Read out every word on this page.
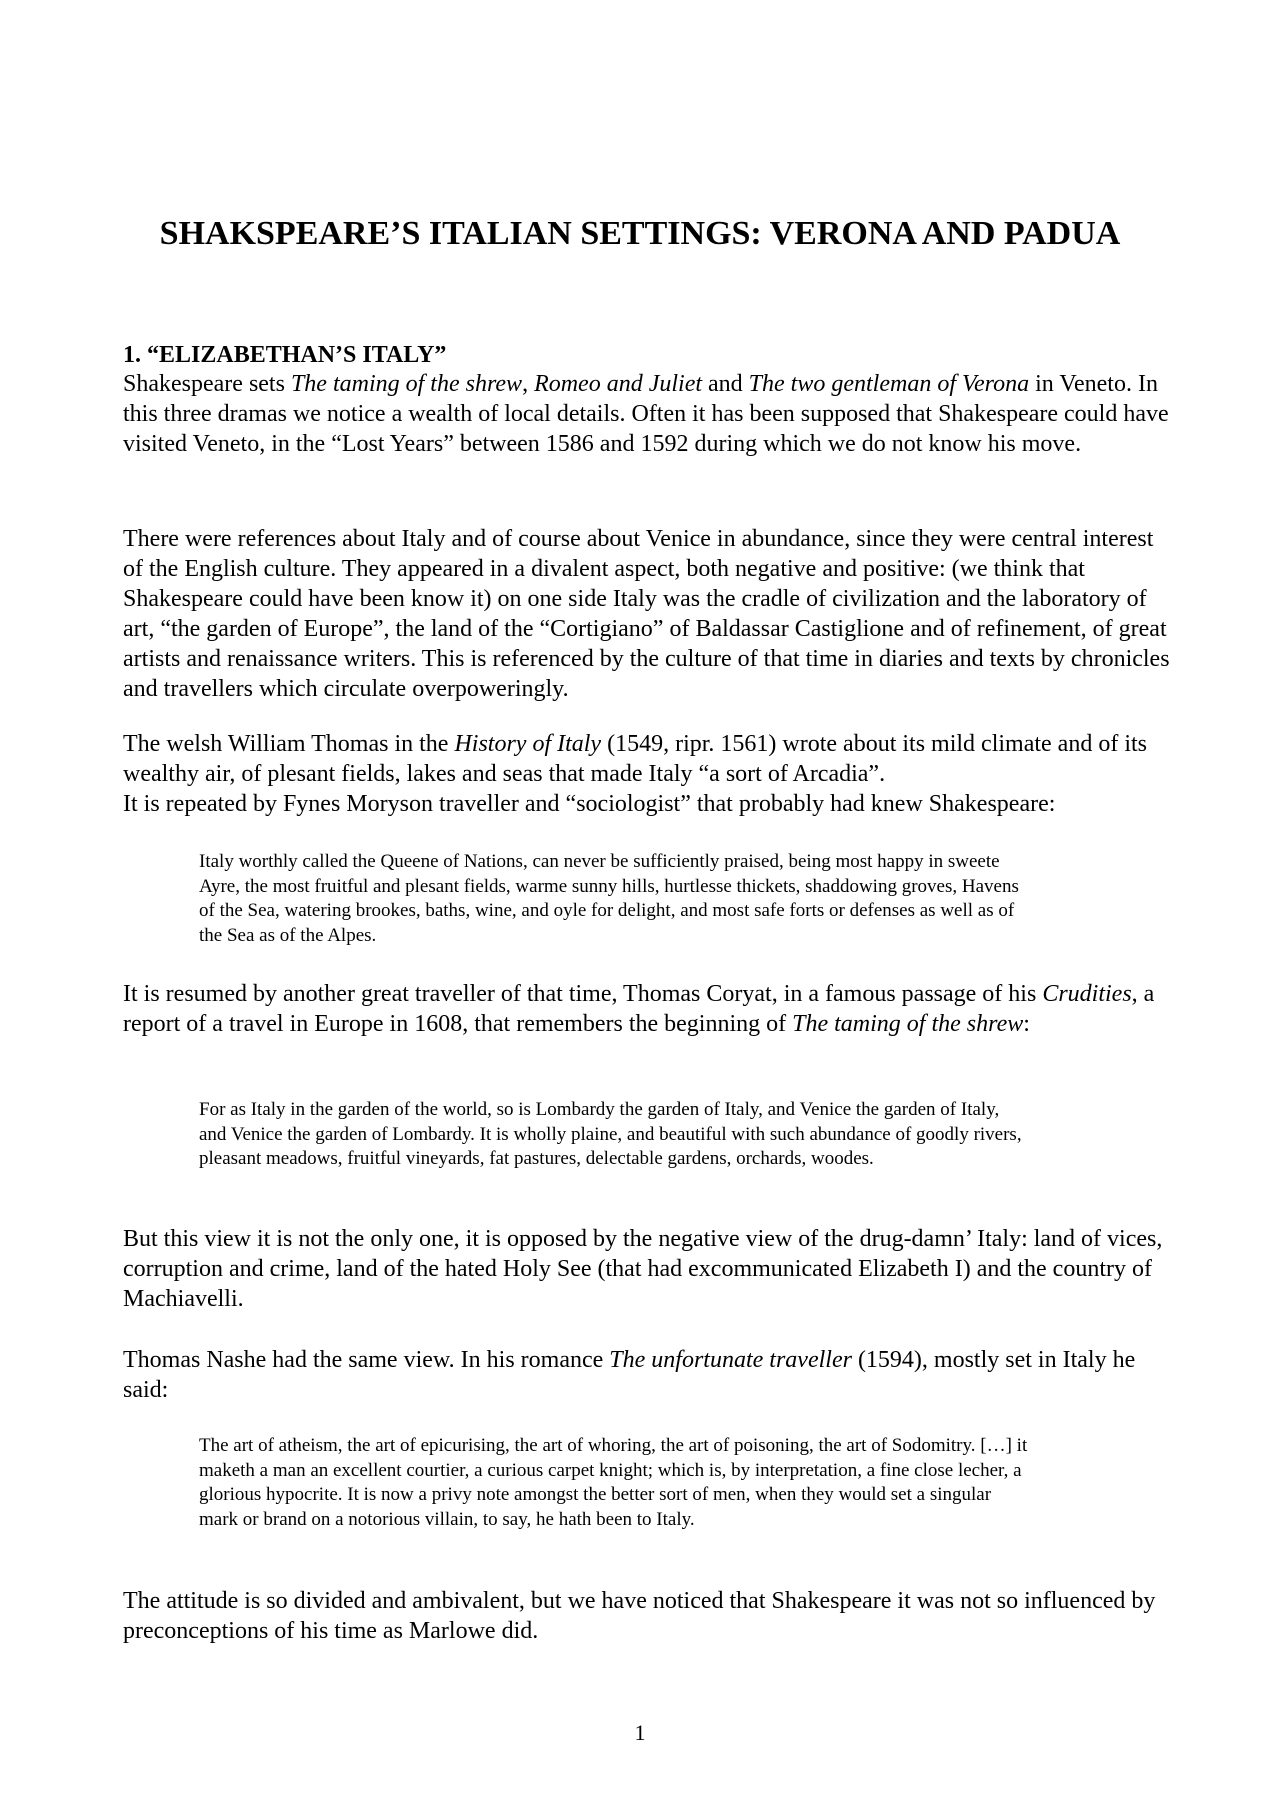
SHAKSPEARE’S ITALIAN SETTINGS: VERONA AND PADUA
1. “ELIZABETHAN’S ITALY”

Shakespeare sets The taming of the shrew, Romeo and Juliet and The two gentleman of Verona in Veneto. In this three dramas we notice a wealth of local details. Often it has been supposed that Shakespeare could have visited Veneto, in the “Lost Years” between 1586 and 1592 during which we do not know his move.

There were references about Italy and of course about Venice in abundance, since they were central interest of the English culture. They appeared in a divalent aspect, both negative and positive: (we think that Shakespeare could have been know it) on one side Italy was the cradle of civilization and the laboratory of art, “the garden of Europe”, the land of the “Cortigiano” of Baldassar Castiglione and of refinement, of great artists and renaissance writers. This is referenced by the culture of that time in diaries and texts by chronicles and travellers which circulate overpoweringly.

The welsh William Thomas in the History of Italy (1549, ripr. 1561) wrote about its mild climate and of its wealthy air, of plesant fields, lakes and seas that made Italy “a sort of Arcadia”.
It is repeated by Fynes Moryson traveller and “sociologist” that probably had knew Shakespeare:

Italy worthly called the Queene of Nations, can never be sufficiently praised, being most happy in sweete Ayre, the most fruitful and plesant fields, warme sunny hills, hurtlesse thickets, shaddowing groves, Havens of the Sea, watering brookes, baths, wine, and oyle for delight, and most safe forts or defenses as well as of the Sea as of the Alpes.

It is resumed by another great traveller of that time, Thomas Coryat, in a famous passage of his Crudities, a report of a travel in Europe in 1608, that remembers the beginning of The taming of the shrew:

For as Italy in the garden of the world, so is Lombardy the garden of Italy, and Venice the garden of Italy, and Venice the garden of Lombardy. It is wholly plaine, and beautiful with such abundance of goodly rivers, pleasant meadows, fruitful vineyards, fat pastures, delectable gardens, orchards, woodes.

But this view it is not the only one, it is opposed by the negative view of the drug-damn’ Italy: land of vices, corruption and crime, land of the hated Holy See (that had excommunicated Elizabeth I) and the country of Machiavelli.

Thomas Nashe had the same view. In his romance The unfortunate traveller (1594), mostly set in Italy he said:

The art of atheism, the art of epicurising, the art of whoring, the art of poisoning, the art of Sodomitry. […] it maketh a man an excellent courtier, a curious carpet knight; which is, by interpretation, a fine close lecher, a glorious hypocrite. It is now a privy note amongst the better sort of men, when they would set a singular mark or brand on a notorious villain, to say, he hath been to Italy.

The attitude is so divided and ambivalent, but we have noticed that Shakespeare it was not so influenced by preconceptions of his time as Marlowe did.

1
